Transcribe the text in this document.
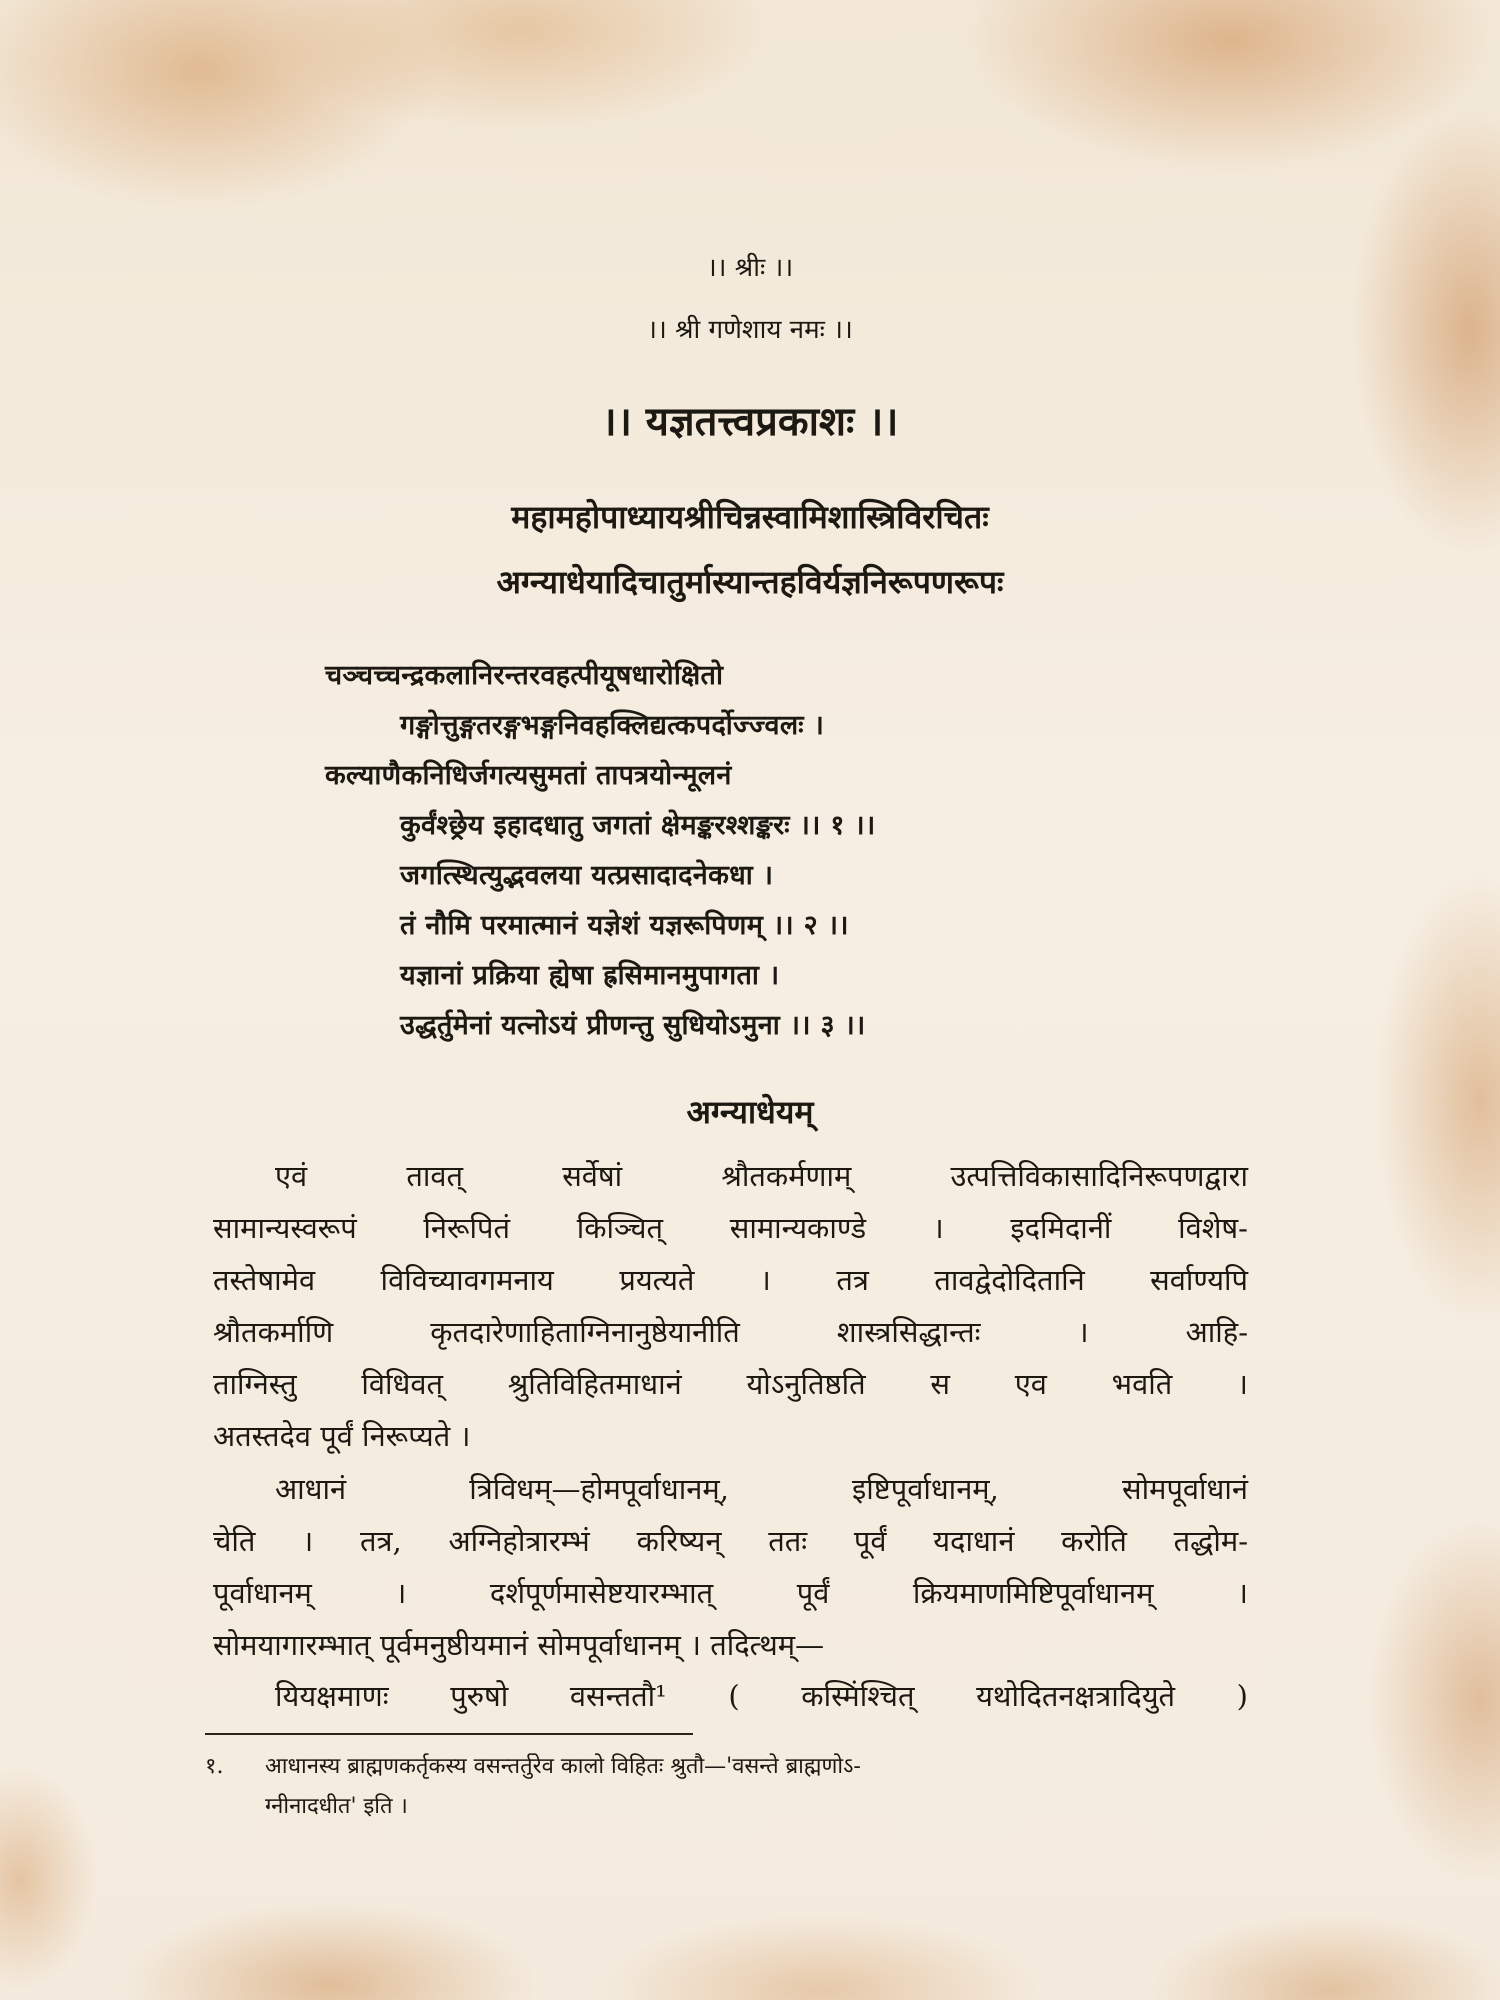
।। श्रीः ।।
।। श्री गणेशाय नमः ।।
।। यज्ञतत्त्वप्रकाशः ।।
महामहोपाध्यायश्रीचिन्नस्वामिशास्त्रिविरचितः
अग्न्याधेयादिचातुर्मास्यान्तहविर्यज्ञनिरूपणरूपः
चञ्चच्चन्द्रकलानिरन्तरवहत्पीयूषधारोक्षितो
गङ्गोत्तुङ्गतरङ्गभङ्गनिवहक्लिद्यत्कपर्दोज्ज्वलः ।
कल्याणैकनिधिर्जगत्यसुमतां तापत्रयोन्मूलनं
कुर्वंश्छ्रेय इहादधातु जगतां क्षेमङ्करश्शङ्करः ।। १ ।।
जगत्स्थित्युद्भवलया यत्प्रसादादनेकधा ।
तं नौमि परमात्मानं यज्ञेशं यज्ञरूपिणम् ।। २ ।।
यज्ञानां प्रक्रिया ह्येषा ह्रसिमानमुपागता ।
उद्धर्तुमेनां यत्नोऽयं प्रीणन्तु सुधियोऽमुना ।। ३ ।।
अग्न्याधेयम्
एवं तावत् सर्वेषां श्रौतकर्मणाम् उत्पत्तिविकासादिनिरूपणद्वारा
सामान्यस्वरूपं निरूपितं किञ्चित् सामान्यकाण्डे । इदमिदानीं विशेष-
तस्तेषामेव विविच्यावगमनाय प्रयत्यते । तत्र तावद्वेदोदितानि सर्वाण्यपि
श्रौतकर्माणि कृतदारेणाहिताग्निनानुष्ठेयानीति शास्त्रसिद्धान्तः । आहि-
ताग्निस्तु विधिवत् श्रुतिविहितमाधानं योऽनुतिष्ठति स एव भवति ।
अतस्तदेव पूर्वं निरूप्यते ।
आधानं त्रिविधम्—होमपूर्वाधानम्, इष्टिपूर्वाधानम्, सोमपूर्वाधानं
चेति । तत्र, अग्निहोत्रारम्भं करिष्यन् ततः पूर्वं यदाधानं करोति तद्धोम-
पूर्वाधानम् । दर्शपूर्णमासेष्टयारम्भात् पूर्वं क्रियमाणमिष्टिपूर्वाधानम् ।
सोमयागारम्भात् पूर्वमनुष्ठीयमानं सोमपूर्वाधानम् । तदित्थम्—
यियक्षमाणः पुरुषो वसन्ततौ¹ ( कस्मिंश्चित् यथोदितनक्षत्रादियुते )
१. आधानस्य ब्राह्मणकर्तृकस्य वसन्तर्तुरेव कालो विहितः श्रुतौ—'वसन्ते ब्राह्मणोऽ-
ग्नीनादधीत' इति ।
